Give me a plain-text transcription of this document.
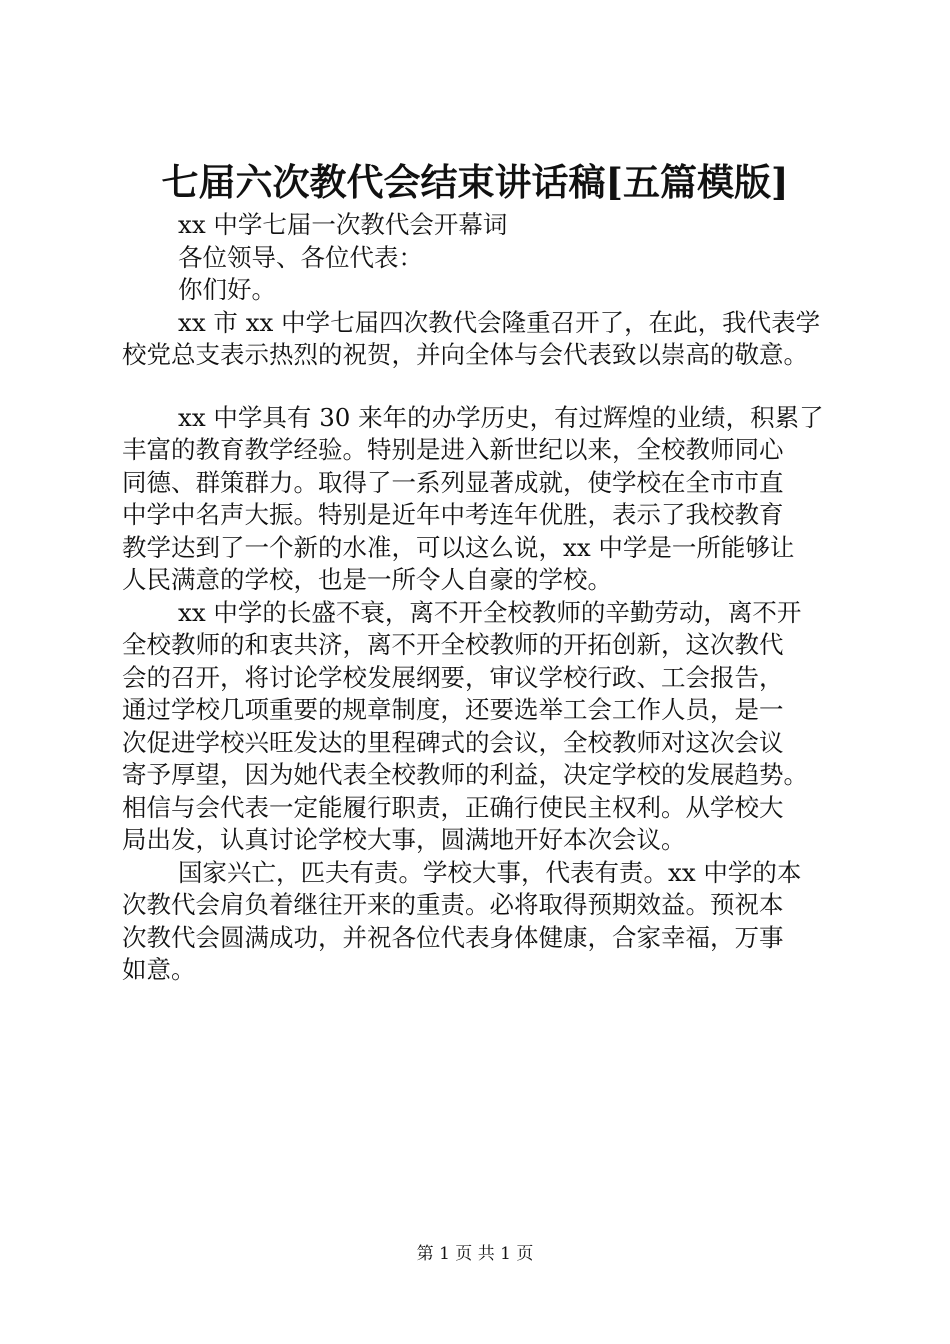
七届六次教代会结束讲话稿[五篇模版]
xx 中学七届一次教代会开幕词
各位领导、各位代表：
你们好。
xx 市 xx 中学七届四次教代会隆重召开了，在此，我代表学
校党总支表示热烈的祝贺，并向全体与会代表致以崇高的敬意。
xx 中学具有 30 来年的办学历史，有过辉煌的业绩，积累了
丰富的教育教学经验。特别是进入新世纪以来，全校教师同心
同德、群策群力。取得了一系列显著成就，使学校在全市市直
中学中名声大振。特别是近年中考连年优胜，表示了我校教育
教学达到了一个新的水准，可以这么说，xx 中学是一所能够让
人民满意的学校，也是一所令人自豪的学校。
xx 中学的长盛不衰，离不开全校教师的辛勤劳动，离不开
全校教师的和衷共济，离不开全校教师的开拓创新，这次教代
会的召开，将讨论学校发展纲要，审议学校行政、工会报告，
通过学校几项重要的规章制度，还要选举工会工作人员，是一
次促进学校兴旺发达的里程碑式的会议，全校教师对这次会议
寄予厚望，因为她代表全校教师的利益，决定学校的发展趋势。
相信与会代表一定能履行职责，正确行使民主权利。从学校大
局出发，认真讨论学校大事，圆满地开好本次会议。
国家兴亡，匹夫有责。学校大事，代表有责。xx 中学的本
次教代会肩负着继往开来的重责。必将取得预期效益。预祝本
次教代会圆满成功，并祝各位代表身体健康，合家幸福，万事
如意。
第 1 页 共 1 页
